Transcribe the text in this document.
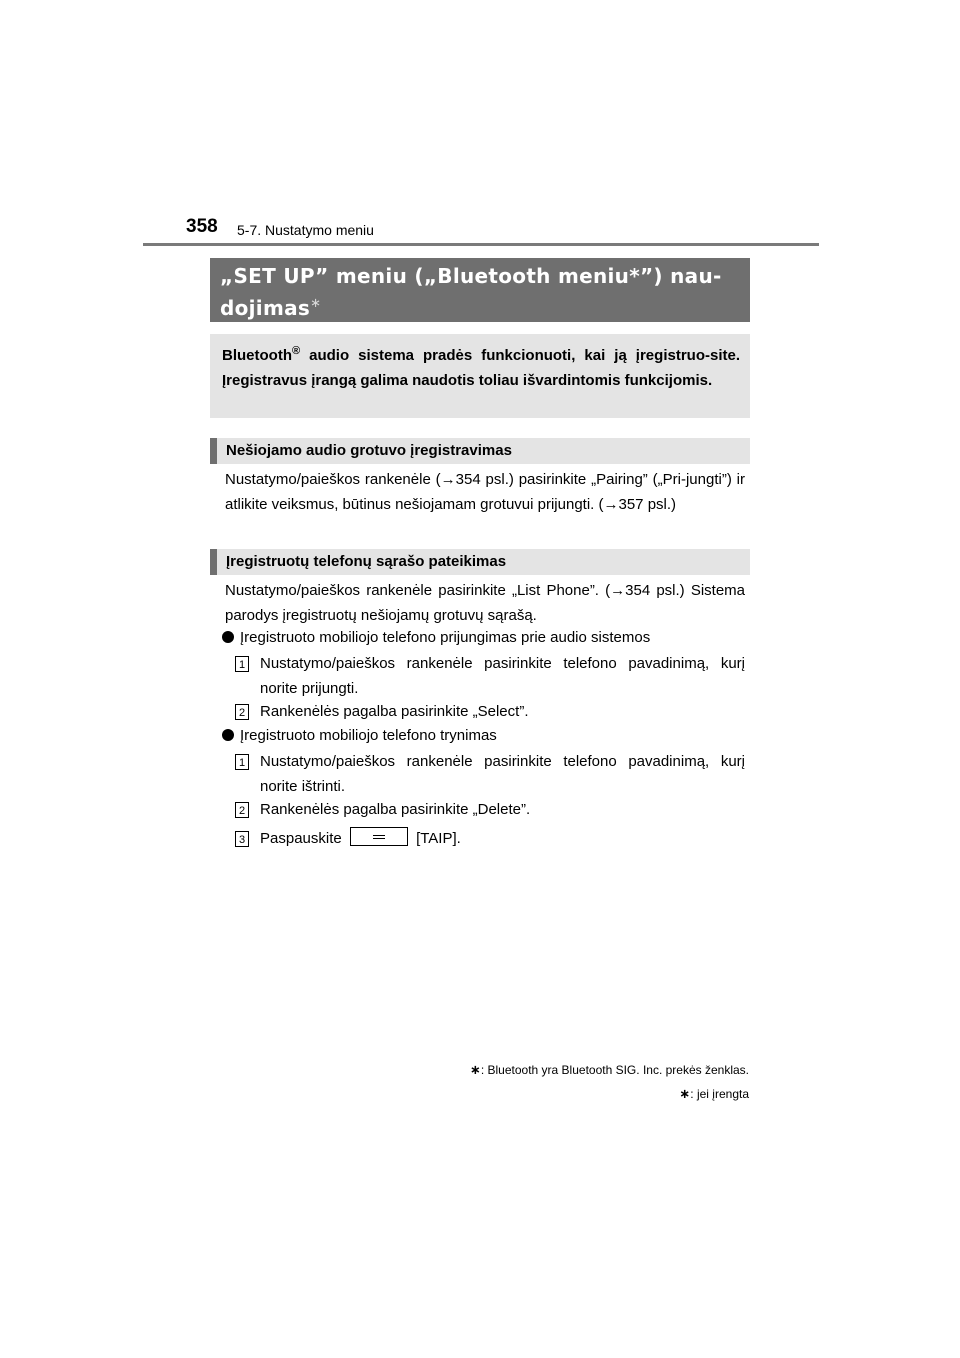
358 5-7. Nustatymo meniu
„SET UP” meniu („Bluetooth meniu*”) nau-
dojimas∗
Bluetooth® audio sistema pradės funkcionuoti, kai ją įregistruo-site. Įregistravus įrangą galima naudotis toliau išvardintomis funkcijomis.
Nešiojamo audio grotuvo įregistravimas
Nustatymo/paieškos rankenėle (→354 psl.) pasirinkite „Pairing” („Pri-jungti”) ir atlikite veiksmus, būtinus nešiojamam grotuvui prijungti. (→357 psl.)
Įregistruotų telefonų sąrašo pateikimas
Nustatymo/paieškos rankenėle pasirinkite „List Phone”. (→354 psl.) Sistema parodys įregistruotų nešiojamų grotuvų sąrašą.
Įregistruoto mobiliojo telefono prijungimas prie audio sistemos
1 Nustatymo/paieškos rankenėle pasirinkite telefono pavadinimą, kurį norite prijungti.
2 Rankenėlės pagalba pasirinkite „Select”.
Įregistruoto mobiliojo telefono trynimas
1 Nustatymo/paieškos rankenėle pasirinkite telefono pavadinimą, kurį norite ištrinti.
2 Rankenėlės pagalba pasirinkite „Delete”.
3 Paspauskite	[TAIP].
∗: Bluetooth yra Bluetooth SIG. Inc. prekės ženklas.
∗: jei įrengta
